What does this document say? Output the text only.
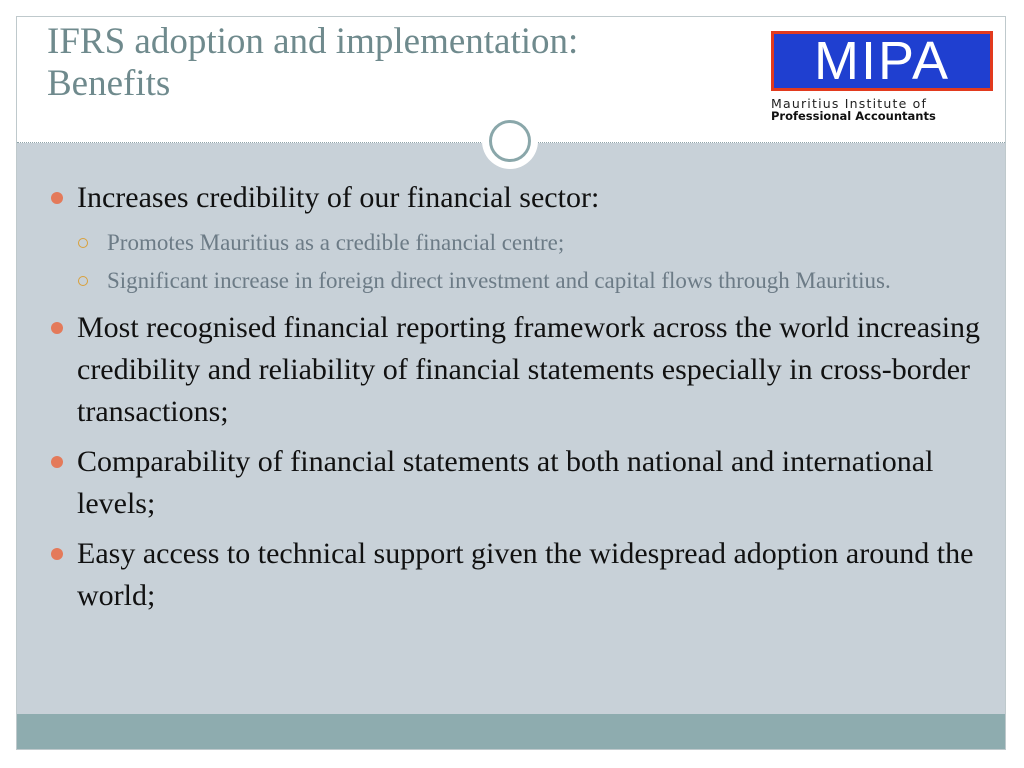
IFRS adoption and implementation:
Benefits	MIPA
Mauritius Institute of
Professional Accountants
Increases credibility of our financial sector:
Promotes Mauritius as a credible financial centre;
Significant increase in foreign direct investment and capital flows through Mauritius.
Most recognised financial reporting framework across the world increasing credibility and reliability of financial statements especially in cross-border transactions;
Comparability of financial statements at both national and international levels;
Easy access to technical support given the widespread adoption around the world;
